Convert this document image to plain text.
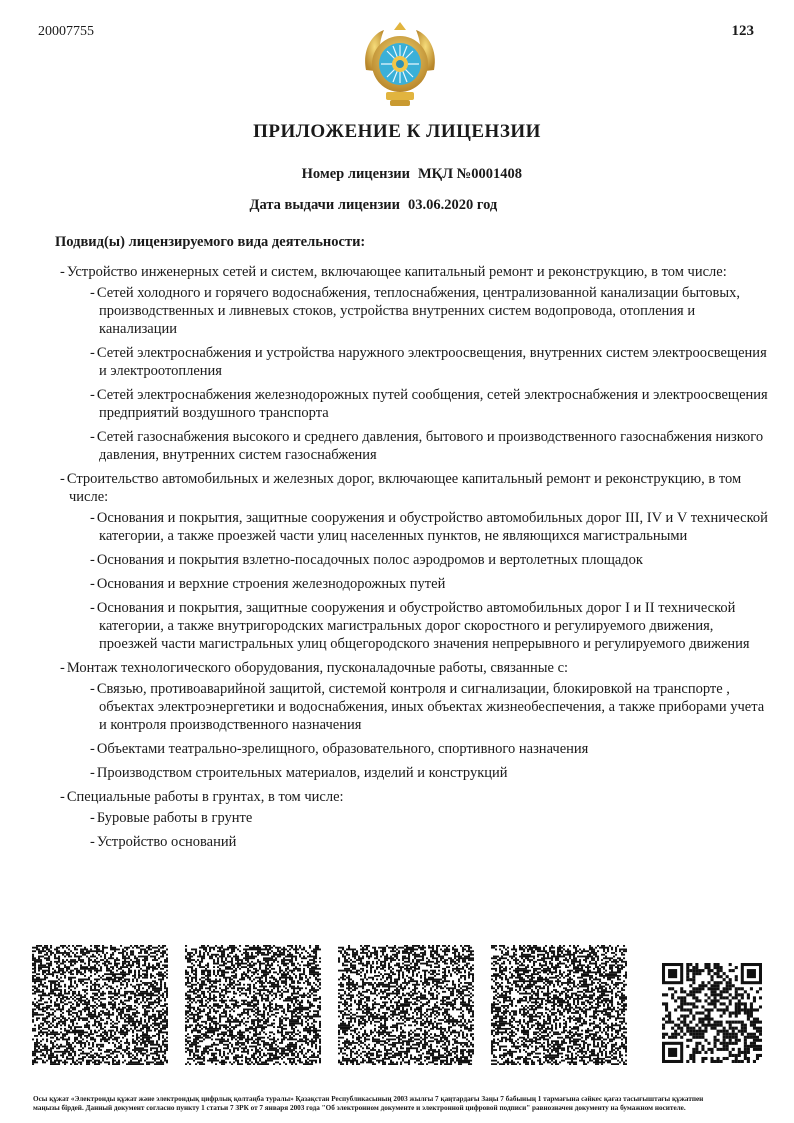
20007755	123
ПРИЛОЖЕНИЕ К ЛИЦЕНЗИИ
Номер лицензии МҚЛ №0001408
Дата выдачи лицензии 03.06.2020 год
Подвид(ы) лицензируемого вида деятельности:
- Устройство инженерных сетей и систем, включающее капитальный ремонт и реконструкцию, в том числе:
- Сетей холодного и горячего водоснабжения, теплоснабжения, централизованной канализации бытовых, производственных и ливневых стоков, устройства внутренних систем водопровода, отопления и канализации
- Сетей электроснабжения и устройства наружного электроосвещения, внутренних систем электроосвещения и электроотопления
- Сетей электроснабжения железнодорожных путей сообщения, сетей электроснабжения и электроосвещения предприятий воздушного транспорта
- Сетей газоснабжения высокого и среднего давления, бытового и производственного газоснабжения низкого давления, внутренних систем газоснабжения
- Строительство автомобильных и железных дорог, включающее капитальный ремонт и реконструкцию, в том числе:
- Основания и покрытия, защитные сооружения и обустройство автомобильных дорог III, IV и V технической категории, а также проезжей части улиц населенных пунктов, не являющихся магистральными
- Основания и покрытия взлетно-посадочных полос аэродромов и вертолетных площадок
- Основания и верхние строения железнодорожных путей
- Основания и покрытия, защитные сооружения и обустройство автомобильных дорог I и II технической категории, а также внутригородских магистральных дорог скоростного и регулируемого движения, проезжей части магистральных улиц общегородского значения непрерывного и регулируемого движения
- Монтаж технологического оборудования, пусконаладочные работы, связанные с:
- Связью, противоаварийной защитой, системой контроля и сигнализации, блокировкой на транспорте , объектах электроэнергетики и водоснабжения, иных объектах жизнеобеспечения, а также приборами учета и контроля производственного назначения
- Объектами театрально-зрелищного, образовательного, спортивного назначения
- Производством строительных материалов, изделий и конструкций
- Специальные работы в грунтах, в том числе:
- Буровые работы в грунте
- Устройство оснований
Осы құжат «Электронды құжат және электрондық цифрлық қолтаңба туралы» Қазақстан Республикасының 2003 жылғы 7 қаңтардағы Заңы 7 бабының 1 тармағына сәйкес қағаз тасығыштағы құжатпен
маңызы бірдей. Данный документ согласно пункту 1 статьи 7 ЗРК от 7 января 2003 года "Об электронном документе и электронной цифровой подписи" равнозначен документу на бумажном носителе.
